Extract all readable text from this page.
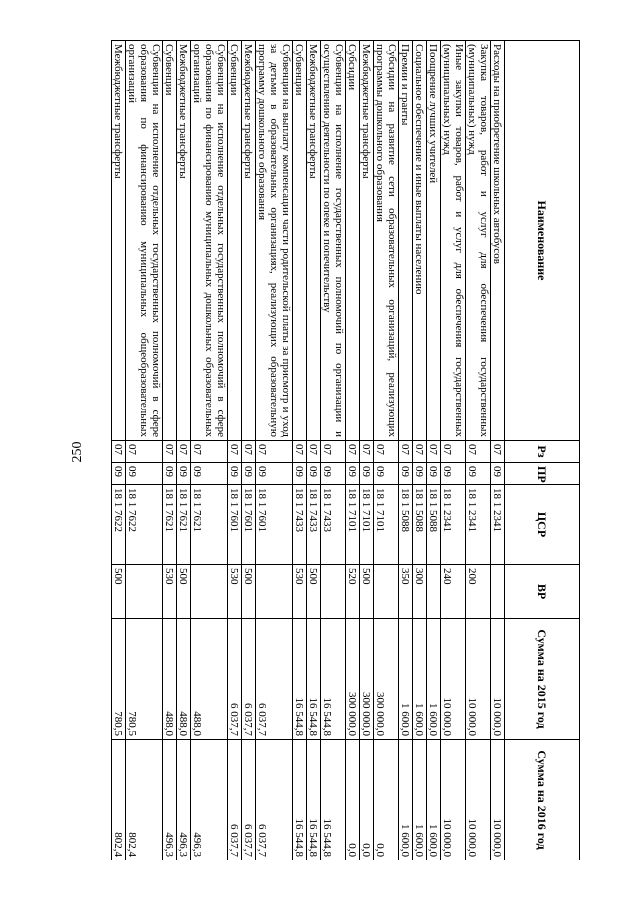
250
Наименование	Рз	ПР	ЦСР	ВР	Сумма на 2015 год	Сумма на 2016 год
Расходы на приобретение школьных автобусов	07	09	18 1 2341		10 000,0	10 000,0
Закупка товаров, работ и услуг для обеспечения государственных (муниципальных) нужд	07	09	18 1 2341	200	10 000,0	10 000,0
Иные закупки товаров, работ и услуг для обеспечения государственных (муниципальных) нужд	07	09	18 1 2341	240	10 000,0	10 000,0
Поощрение лучших учителей	07	09	18 1 5088		1 600,0	1 600,0
Социальное обеспечение и иные выплаты населению	07	09	18 1 5088	300	1 600,0	1 600,0
Премии и гранты	07	09	18 1 5088	350	1 600,0	1 600,0
Субсидии на развитие сети образовательных организаций, реализующих программы дошкольного образования	07	09	18 1 7101		300 000,0	0,0
Межбюджетные трансферты	07	09	18 1 7101	500	300 000,0	0,0
Субсидии	07	09	18 1 7101	520	300 000,0	0,0
Субвенции на исполнение государственных полномочий по организации и осуществлению деятельности по опеке и попечительству	07	09	18 1 7433		16 544,8	16 544,8
Межбюджетные трансферты	07	09	18 1 7433	500	16 544,8	16 544,8
Субвенции	07	09	18 1 7433	530	16 544,8	16 544,8
Субвенции на выплату компенсации части родительской платы за присмотр и уход за детьми в образовательных организациях, реализующих образовательную программу дошкольного образования	07	09	18 1 7601		6 037,7	6 037,7
Межбюджетные трансферты	07	09	18 1 7601	500	6 037,7	6 037,7
Субвенции	07	09	18 1 7601	530	6 037,7	6 037,7
Субвенции на исполнение отдельных государственных полномочий в сфере образования по финансированию муниципальных дошкольных образовательных организаций	07	09	18 1 7621		488,0	496,3
Межбюджетные трансферты	07	09	18 1 7621	500	488,0	496,3
Субвенции	07	09	18 1 7621	530	488,0	496,3
Субвенции на исполнение отдельных государственных полномочий в сфере образования по финансированию муниципальных общеобразовательных организаций	07	09	18 1 7622		780,5	802,4
Межбюджетные трансферты	07	09	18 1 7622	500	780,5	802,4
